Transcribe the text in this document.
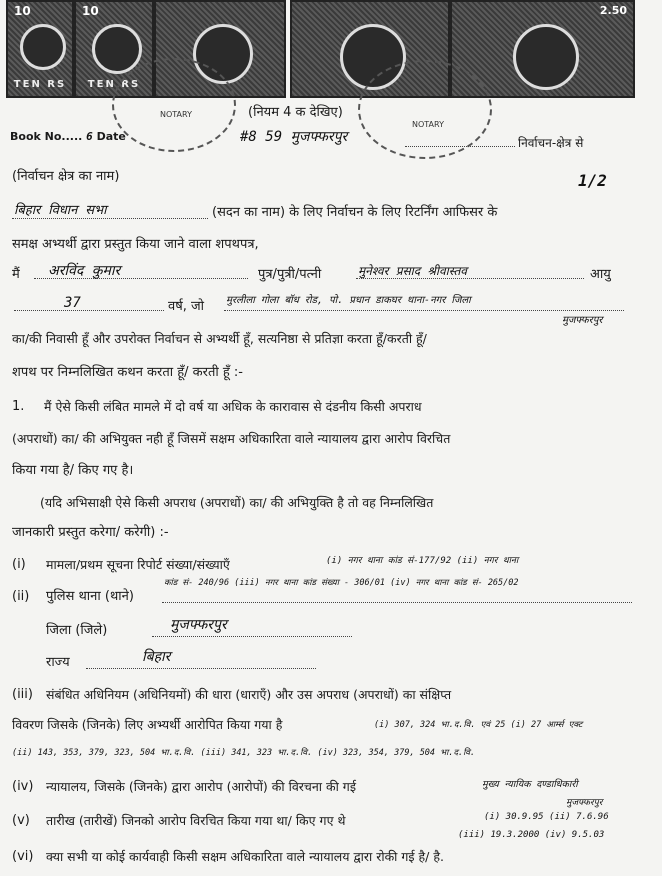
10
TEN RS
10
TEN RS
2.50
NOTARY
NOTARY
(नियम 4 क देखिए)
Book No..... 6 Date	#8 59 मुजफ्फरपुर	निर्वाचन-क्षेत्र से
(निर्वाचन क्षेत्र का नाम)	1/2
बिहार विधान सभा	(सदन का नाम) के लिए निर्वाचन के लिए रिटर्निंग आफिसर के
समक्ष अभ्यर्थी द्वारा प्रस्तुत किया जाने वाला शपथपत्र,
मैं अरविंद कुमार	पुत्र/पुत्री/पत्नी	मुनेश्वर प्रसाद श्रीवास्तव	आयु
37	वर्ष, जो मुरलीला गोला बॉध रोड, पो. प्रधान डाकघर थाना-नगर जिला
मुजफ्फरपुर
का/की निवासी हूँ और उपरोक्त निर्वाचन से अभ्यर्थी हूँ, सत्यनिष्ठा से प्रतिज्ञा करता हूँ/करती हूँ/
शपथ पर निम्नलिखित कथन करता हूँ/ करती हूँ :-
1. मैं ऐसे किसी लंबित मामले में दो वर्ष या अधिक के कारावास से दंडनीय किसी अपराध
(अपराधों) का/ की अभियुक्त नही हूँ जिसमें सक्षम अधिकारिता वाले न्यायालय द्वारा आरोप विरचित
किया गया है/ किए गए है।
(यदि अभिसाक्षी ऐसे किसी अपराध (अपराधों) का/ की अभियुक्ति है तो वह निम्नलिखित
जानकारी प्रस्तुत करेगा/ करेगी) :-
(i) मामला/प्रथम सूचना रिपोर्ट संख्या/संख्याएँ	(i) नगर थाना कांड सं-177/92 (ii) नगर थाना
कांड सं- 240/96 (iii) नगर थाना कांड संख्या - 306/01 (iv) नगर थाना कांड सं- 265/02
(ii) पुलिस थाना (थाने)
जिला (जिले)	मुजफ्फरपुर
राज्य	बिहार
(iii) संबंधित अधिनियम (अधिनियमों) की धारा (धाराएँ) और उस अपराध (अपराधों) का संक्षिप्त
विवरण जिसके (जिनके) लिए अभ्यर्थी आरोपित किया गया है	(i) 307, 324 भा.द.वि. एवं 25 (i) 27 आर्म्स एक्ट
(ii) 143, 353, 379, 323, 504 भा.द.वि. (iii) 341, 323 भा.द.वि. (iv) 323, 354, 379, 504 भा.द.वि.
(iv) न्यायालय, जिसके (जिनके) द्वारा आरोप (आरोपों) की विरचना की गई	मुख्य न्यायिक दण्डाधिकारी
मुजफ्फरपुर
(v) तारीख (तारीखें) जिनको आरोप विरचित किया गया था/ किए गए थे	(i) 30.9.95 (ii) 7.6.96
(iii) 19.3.2000 (iv) 9.5.03
(vi) क्या सभी या कोई कार्यवाही किसी सक्षम अधिकारिता वाले न्यायालय द्वारा रोकी गई है/ है.
